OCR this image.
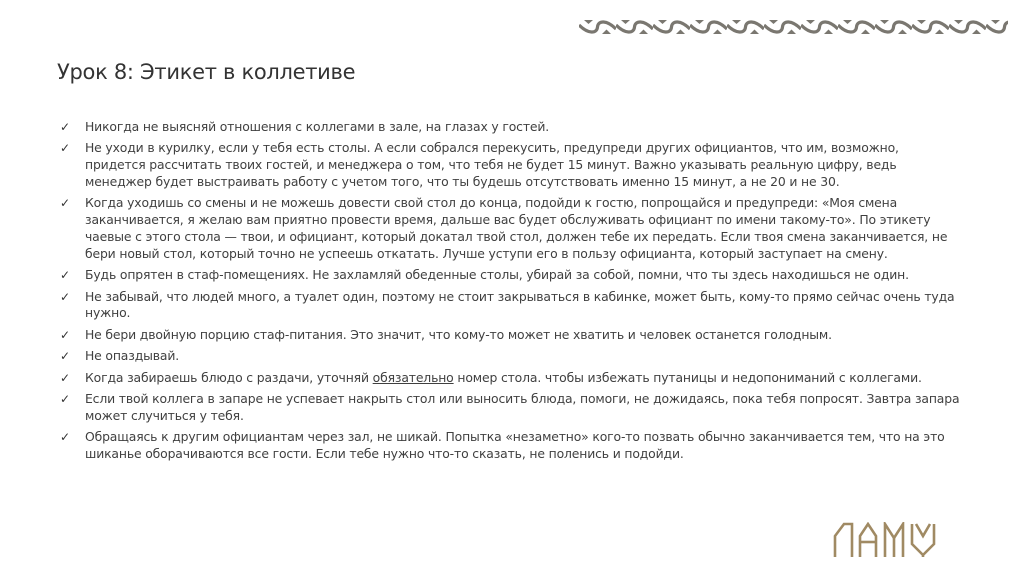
Урок 8: Этикет в коллетиве
✓ Никогда не выясняй отношения с коллегами в зале, на глазах у гостей.
✓ Не уходи в курилку, если у тебя есть столы. А если собрался перекусить, предупреди других официантов, что им, возможно, придется рассчитать твоих гостей, и менеджера о том, что тебя не будет 15 минут. Важно указывать реальную цифру, ведь менеджер будет выстраивать работу с учетом того, что ты будешь отсутствовать именно 15 минут, а не 20 и не 30.
✓ Когда уходишь со смены и не можешь довести свой стол до конца, подойди к гостю, попрощайся и предупреди: «Моя смена заканчивается, я желаю вам приятно провести время, дальше вас будет обслуживать официант по имени такому-то». По этикету чаевые с этого стола — твои, и официант, который докатал твой стол, должен тебе их передать. Если твоя смена заканчивается, не бери новый стол, который точно не успеешь откатать. Лучше уступи его в пользу официанта, который заступает на смену.
✓ Будь опрятен в стаф-помещениях. Не захламляй обеденные столы, убирай за собой, помни, что ты здесь находишься не один.
✓ Не забывай, что людей много, а туалет один, поэтому не стоит закрываться в кабинке, может быть, кому-то прямо сейчас очень туда нужно.
✓ Не бери двойную порцию стаф-питания. Это значит, что кому-то может не хватить и человек останется голодным.
✓ Не опаздывай.
✓ Когда забираешь блюдо с раздачи, уточняй обязательно номер стола. чтобы избежать путаницы и недопониманий с коллегами.
✓ Если твой коллега в запаре не успевает накрыть стол или выносить блюда, помоги, не дожидаясь, пока тебя попросят. Завтра запара может случиться у тебя.
✓ Обращаясь к другим официантам через зал, не шикай. Попытка «незаметно» кого-то позвать обычно заканчивается тем, что на это шиканье оборачиваются все гости. Если тебе нужно что-то сказать, не поленись и подойди.
